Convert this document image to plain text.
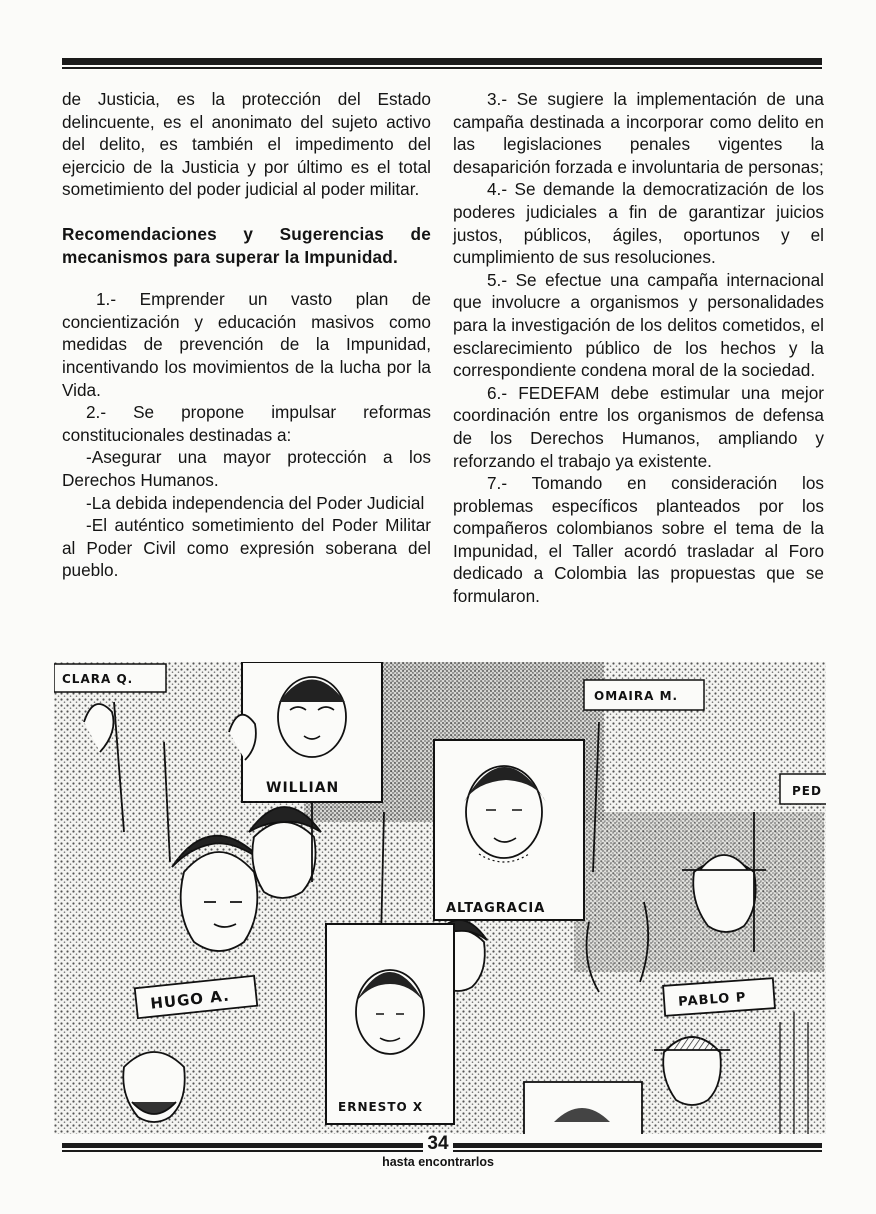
de Justicia, es la protección del Estado delincuente, es el anonimato del sujeto activo del delito, es también el impedimento del ejercicio de la Justicia y por último es el total sometimiento del poder judicial al poder militar.

Recomendaciones y Sugerencias de mecanismos para superar la Impunidad.

1.- Emprender un vasto plan de concientización y educación masivos como medidas de prevención de la Impunidad, incentivando los movimientos de la lucha por la Vida.

2.- Se propone impulsar reformas constitucionales destinadas a:

-Asegurar una mayor protección a los Derechos Humanos.

-La debida independencia del Poder Judicial

-El auténtico sometimiento del Poder Militar al Poder Civil como expresión soberana del pueblo.

3.- Se sugiere la implementación de una campaña destinada a incorporar como delito en las legislaciones penales vigentes la desaparición forzada e involuntaria de personas;

4.- Se demande la democratización de los poderes judiciales a fin de garantizar juicios justos, públicos, ágiles, oportunos y el cumplimiento de sus resoluciones.

5.- Se efectue una campaña internacional que involucre a organismos y personalidades para la investigación de los delitos cometidos, el esclarecimiento público de los hechos y la correspondiente condena moral de la sociedad.

6.- FEDEFAM debe estimular una mejor coordinación entre los organismos de defensa de los Derechos Humanos, ampliando y reforzando el trabajo ya existente.

7.- Tomando en consideración los problemas específicos planteados por los compañeros colombianos sobre el tema de la Impunidad, el Taller acordó trasladar al Foro dedicado a Colombia las propuestas que se formularon.

CLARA Q.
WILLIAN
OMAIRA M.
PED
ALTAGRACIA
HUGO A.	PABLO P
ERNESTO X
34
hasta encontrarlos
